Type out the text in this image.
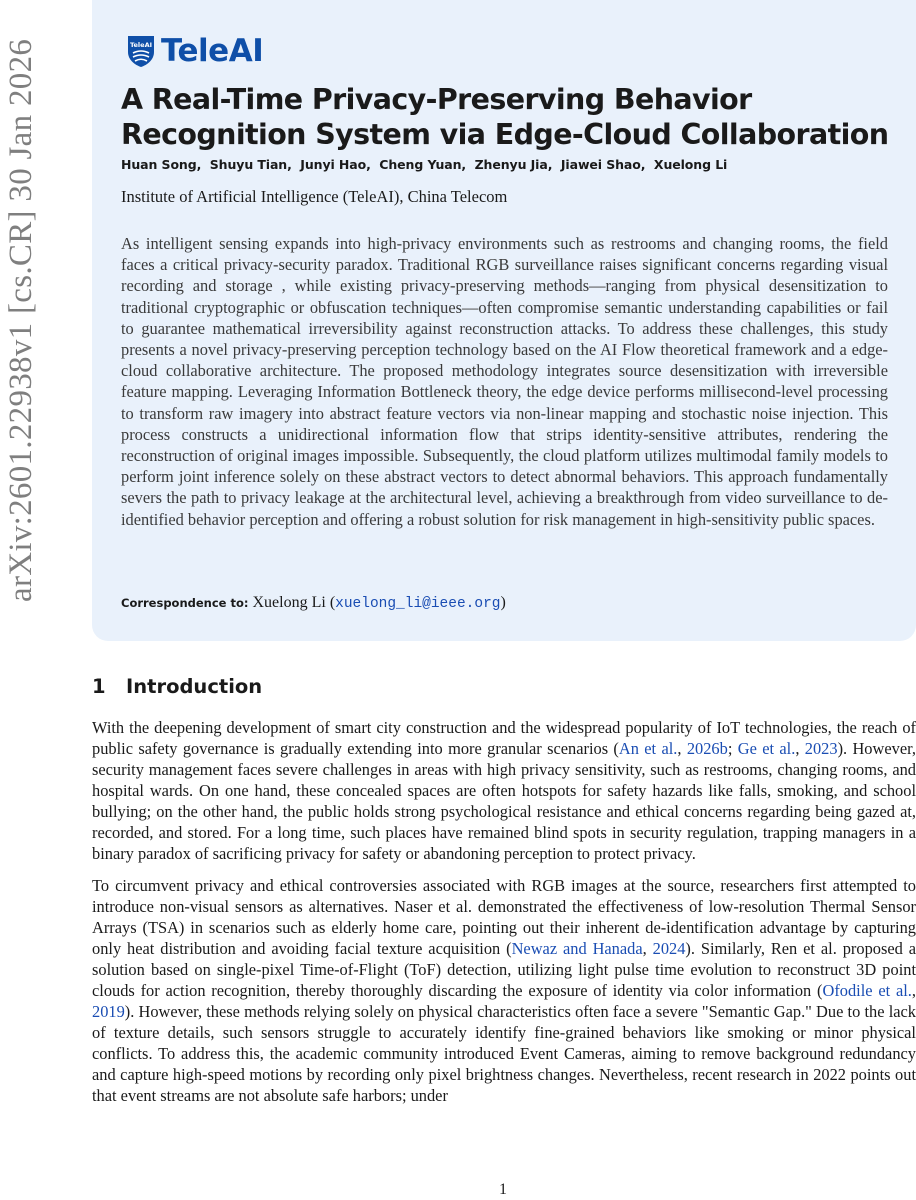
arXiv:2601.22938v1 [cs.CR] 30 Jan 2026	TeleAI TeleAI
A Real-Time Privacy-Preserving Behavior Recognition System via Edge-Cloud Collaboration
Huan Song, Shuyu Tian, Junyi Hao, Cheng Yuan, Zhenyu Jia, Jiawei Shao, Xuelong Li
Institute of Artificial Intelligence (TeleAI), China Telecom

As intelligent sensing expands into high-privacy environments such as restrooms and changing rooms, the field faces a critical privacy-security paradox. Traditional RGB surveillance raises significant concerns regarding visual recording and storage , while existing privacy-preserving methods—ranging from physical desensitization to traditional cryptographic or obfuscation techniques—often compromise semantic understanding capabilities or fail to guarantee mathematical irreversibility against reconstruction attacks. To address these challenges, this study presents a novel privacy-preserving perception technology based on the AI Flow theoretical framework and a edge-cloud collaborative architecture. The proposed methodology integrates source desensitization with irreversible feature mapping. Leveraging Information Bottleneck theory, the edge device performs millisecond-level processing to transform raw imagery into abstract feature vectors via non-linear mapping and stochastic noise injection. This process constructs a unidirectional information flow that strips identity-sensitive attributes, rendering the reconstruction of original images impossible. Subsequently, the cloud platform utilizes multimodal family models to perform joint inference solely on these abstract vectors to detect abnormal behaviors. This approach fundamentally severs the path to privacy leakage at the architectural level, achieving a breakthrough from video surveillance to de-identified behavior perception and offering a robust solution for risk management in high-sensitivity public spaces.

Correspondence to: Xuelong Li (xuelong_li@ieee.org)
1 Introduction

With the deepening development of smart city construction and the widespread popularity of IoT technologies, the reach of public safety governance is gradually extending into more granular scenarios (An et al., 2026b; Ge et al., 2023). However, security management faces severe challenges in areas with high privacy sensitivity, such as restrooms, changing rooms, and hospital wards. On one hand, these concealed spaces are often hotspots for safety hazards like falls, smoking, and school bullying; on the other hand, the public holds strong psychological resistance and ethical concerns regarding being gazed at, recorded, and stored. For a long time, such places have remained blind spots in security regulation, trapping managers in a binary paradox of sacrificing privacy for safety or abandoning perception to protect privacy.

To circumvent privacy and ethical controversies associated with RGB images at the source, researchers first attempted to introduce non-visual sensors as alternatives. Naser et al. demonstrated the effectiveness of low-resolution Thermal Sensor Arrays (TSA) in scenarios such as elderly home care, pointing out their inherent de-identification advantage by capturing only heat distribution and avoiding facial texture acquisition (Newaz and Hanada, 2024). Similarly, Ren et al. proposed a solution based on single-pixel Time-of-Flight (ToF) detection, utilizing light pulse time evolution to reconstruct 3D point clouds for action recognition, thereby thoroughly discarding the exposure of identity via color information (Ofodile et al., 2019). However, these methods relying solely on physical characteristics often face a severe "Semantic Gap." Due to the lack of texture details, such sensors struggle to accurately identify fine-grained behaviors like smoking or minor physical conflicts. To address this, the academic community introduced Event Cameras, aiming to remove background redundancy and capture high-speed motions by recording only pixel brightness changes. Nevertheless, recent research in 2022 points out that event streams are not absolute safe harbors; under

1
